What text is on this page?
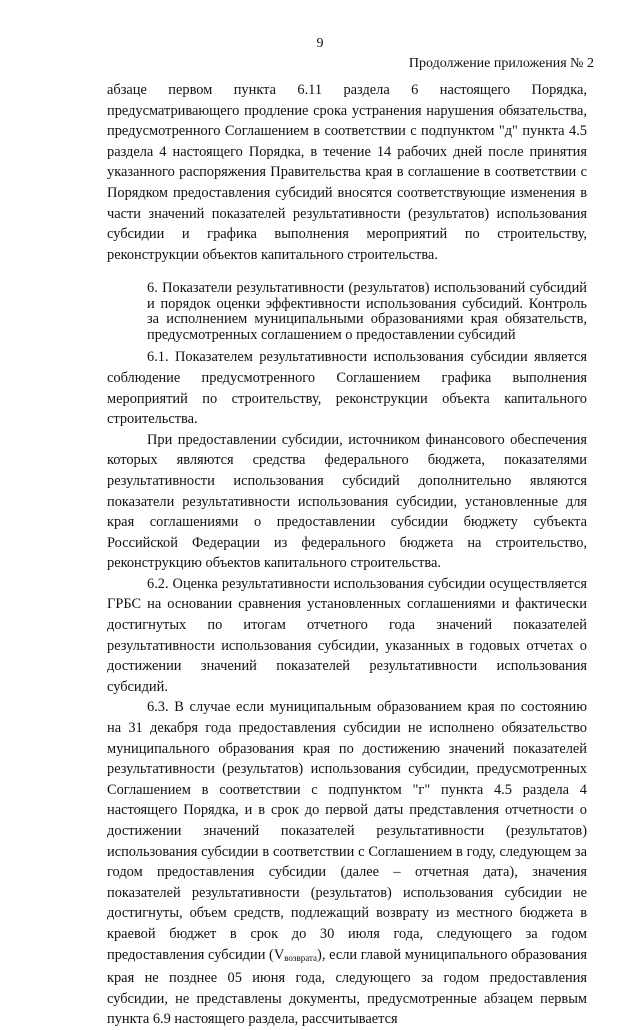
9
Продолжение приложения № 2

абзаце первом пункта 6.11 раздела 6 настоящего Порядка, предусматривающего продление срока устранения нарушения обязательства, предусмотренного Соглашением в соответствии с подпунктом "д" пункта 4.5 раздела 4 настоящего Порядка, в течение 14 рабочих дней после принятия указанного распоряжения Правительства края в соглашение в соответствии с Порядком предоставления субсидий вносятся соответствующие изменения в части значений показателей результативности (результатов) использования субсидии и графика выполнения мероприятий по строительству, реконструкции объектов капитального строительства.

6. Показатели результативности (результатов) использований субсидий и порядок оценки эффективности использования субсидий. Контроль за исполнением муниципальными образованиями края обязательств, предусмотренных соглашением о предоставлении субсидий

6.1. Показателем результативности использования субсидии является соблюдение предусмотренного Соглашением графика выполнения мероприятий по строительству, реконструкции объекта капитального строительства.

При предоставлении субсидии, источником финансового обеспечения которых являются средства федерального бюджета, показателями результативности использования субсидий дополнительно являются показатели результативности использования субсидии, установленные для края соглашениями о предоставлении субсидии бюджету субъекта Российской Федерации из федерального бюджета на строительство, реконструкцию объектов капитального строительства.

6.2. Оценка результативности использования субсидии осуществляется ГРБС на основании сравнения установленных соглашениями и фактически достигнутых по итогам отчетного года значений показателей результативности использования субсидии, указанных в годовых отчетах о достижении значений показателей результативности использования субсидий.

6.3. В случае если муниципальным образованием края по состоянию на 31 декабря года предоставления субсидии не исполнено обязательство муниципального образования края по достижению значений показателей результативности (результатов) использования субсидии, предусмотренных Соглашением в соответствии с подпунктом "г" пункта 4.5 раздела 4 настоящего Порядка, и в срок до первой даты представления отчетности о достижении значений показателей результативности (результатов) использования субсидии в соответствии с Соглашением в году, следующем за годом предоставления субсидии (далее – отчетная дата), значения показателей результативности (результатов) использования субсидии не достигнуты, объем средств, подлежащий возврату из местного бюджета в краевой бюджет в срок до 30 июля года, следующего за годом предоставления субсидии $(V_{возврата})$, если главой муниципального образования края не позднее 05 июня года, следующего за годом предоставления субсидии, не представлены документы, предусмотренные абзацем первым пункта 6.9 настоящего раздела, рассчитывается
